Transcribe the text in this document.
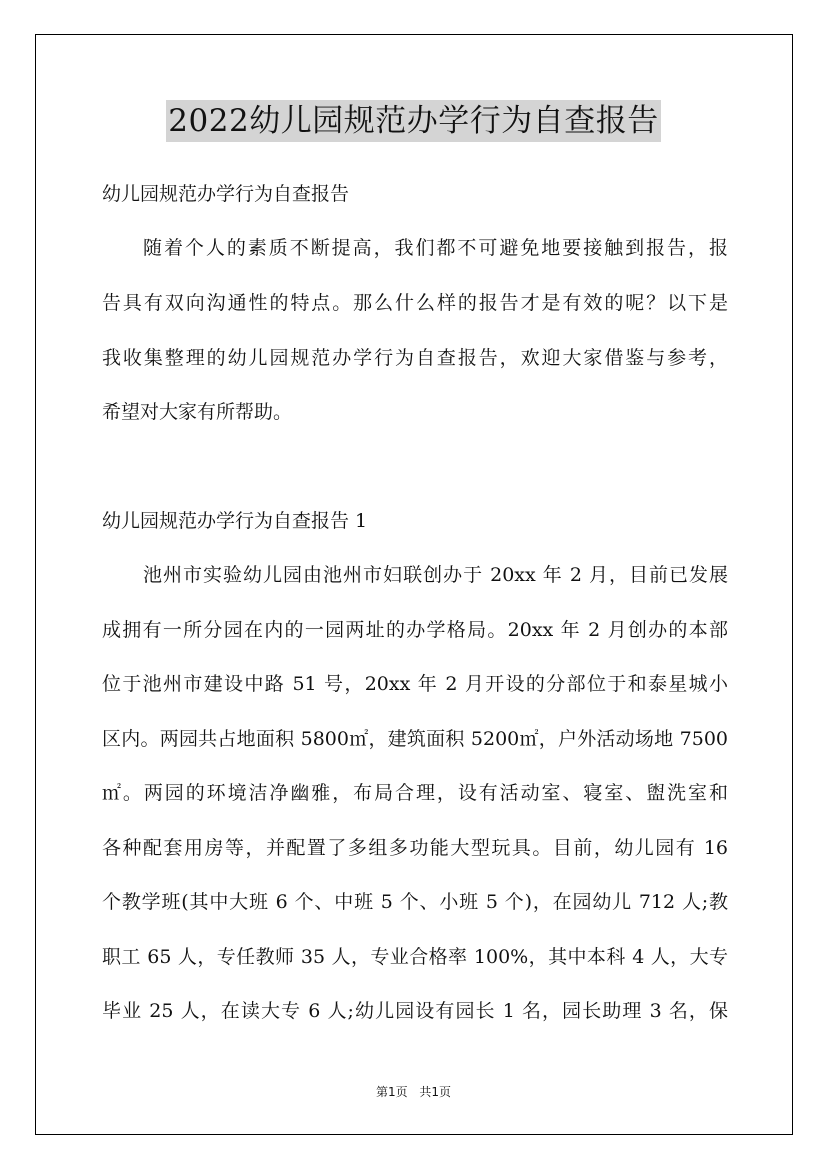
2022幼儿园规范办学行为自查报告
幼儿园规范办学行为自查报告
随着个人的素质不断提高，我们都不可避免地要接触到报告，报
告具有双向沟通性的特点。那么什么样的报告才是有效的呢？以下是
我收集整理的幼儿园规范办学行为自查报告，欢迎大家借鉴与参考，
希望对大家有所帮助。
幼儿园规范办学行为自查报告 1
池州市实验幼儿园由池州市妇联创办于 20xx 年 2 月，目前已发展
成拥有一所分园在内的一园两址的办学格局。20xx 年 2 月创办的本部
位于池州市建设中路 51 号，20xx 年 2 月开设的分部位于和泰星城小
区内。两园共占地面积 5800㎡，建筑面积 5200㎡，户外活动场地 7500
㎡。两园的环境洁净幽雅，布局合理，设有活动室、寝室、盥洗室和
各种配套用房等，并配置了多组多功能大型玩具。目前，幼儿园有 16
个教学班(其中大班 6 个、中班 5 个、小班 5 个)，在园幼儿 712 人;教
职工 65 人，专任教师 35 人，专业合格率 100%，其中本科 4 人，大专
毕业 25 人，在读大专 6 人;幼儿园设有园长 1 名，园长助理 3 名，保
第1页 共1页
